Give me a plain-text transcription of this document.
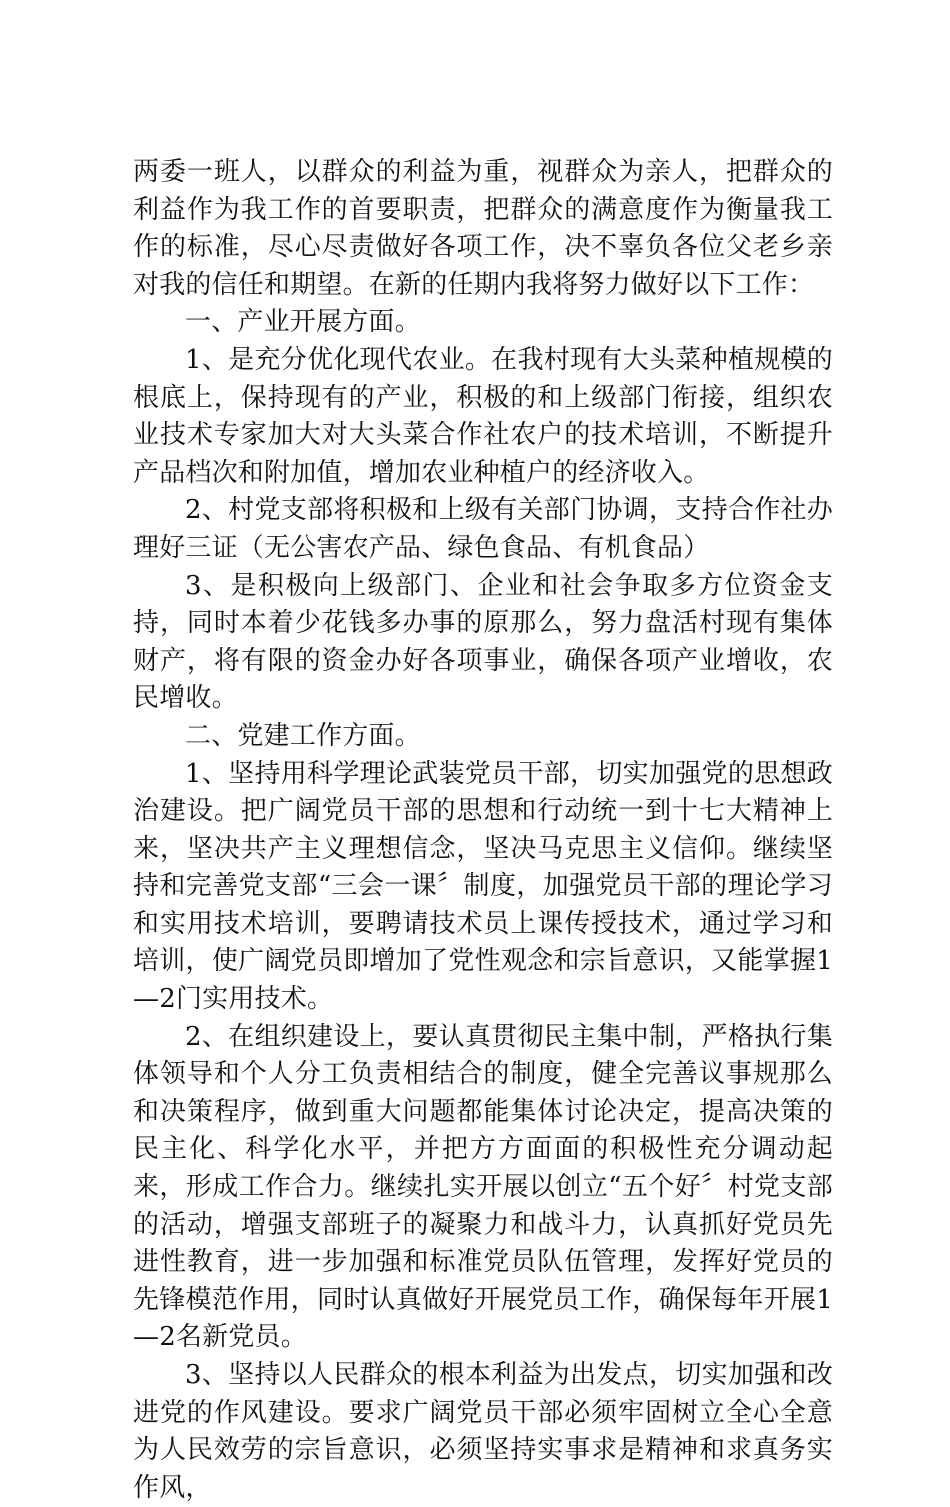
两委一班人，以群众的利益为重，视群众为亲人，把群众的利益作为我工作的首要职责，把群众的满意度作为衡量我工作的标准，尽心尽责做好各项工作，决不辜负各位父老乡亲对我的信任和期望。在新的任期内我将努力做好以下工作：

一、产业开展方面。

1、是充分优化现代农业。在我村现有大头菜种植规模的根底上，保持现有的产业，积极的和上级部门衔接，组织农业技术专家加大对大头菜合作社农户的技术培训，不断提升产品档次和附加值，增加农业种植户的经济收入。

2、村党支部将积极和上级有关部门协调，支持合作社办理好三证（无公害农产品、绿色食品、有机食品）

3、是积极向上级部门、企业和社会争取多方位资金支持，同时本着少花钱多办事的原那么，努力盘活村现有集体财产，将有限的资金办好各项事业，确保各项产业增收，农民增收。

二、党建工作方面。

1、坚持用科学理论武装党员干部，切实加强党的思想政治建设。把广阔党员干部的思想和行动统一到十七大精神上来，坚决共产主义理想信念，坚决马克思主义信仰。继续坚持和完善党支部“三会一课〞制度，加强党员干部的理论学习和实用技术培训，要聘请技术员上课传授技术，通过学习和培训，使广阔党员即增加了党性观念和宗旨意识，又能掌握1—2门实用技术。

2、在组织建设上，要认真贯彻民主集中制，严格执行集体领导和个人分工负责相结合的制度，健全完善议事规那么和决策程序，做到重大问题都能集体讨论决定，提高决策的民主化、科学化水平，并把方方面面的积极性充分调动起来，形成工作合力。继续扎实开展以创立“五个好〞村党支部的活动，增强支部班子的凝聚力和战斗力，认真抓好党员先进性教育，进一步加强和标准党员队伍管理，发挥好党员的先锋模范作用，同时认真做好开展党员工作，确保每年开展1—2名新党员。

3、坚持以人民群众的根本利益为出发点，切实加强和改进党的作风建设。要求广阔党员干部必须牢固树立全心全意为人民效劳的宗旨意识，必须坚持实事求是精神和求真务实作风，
